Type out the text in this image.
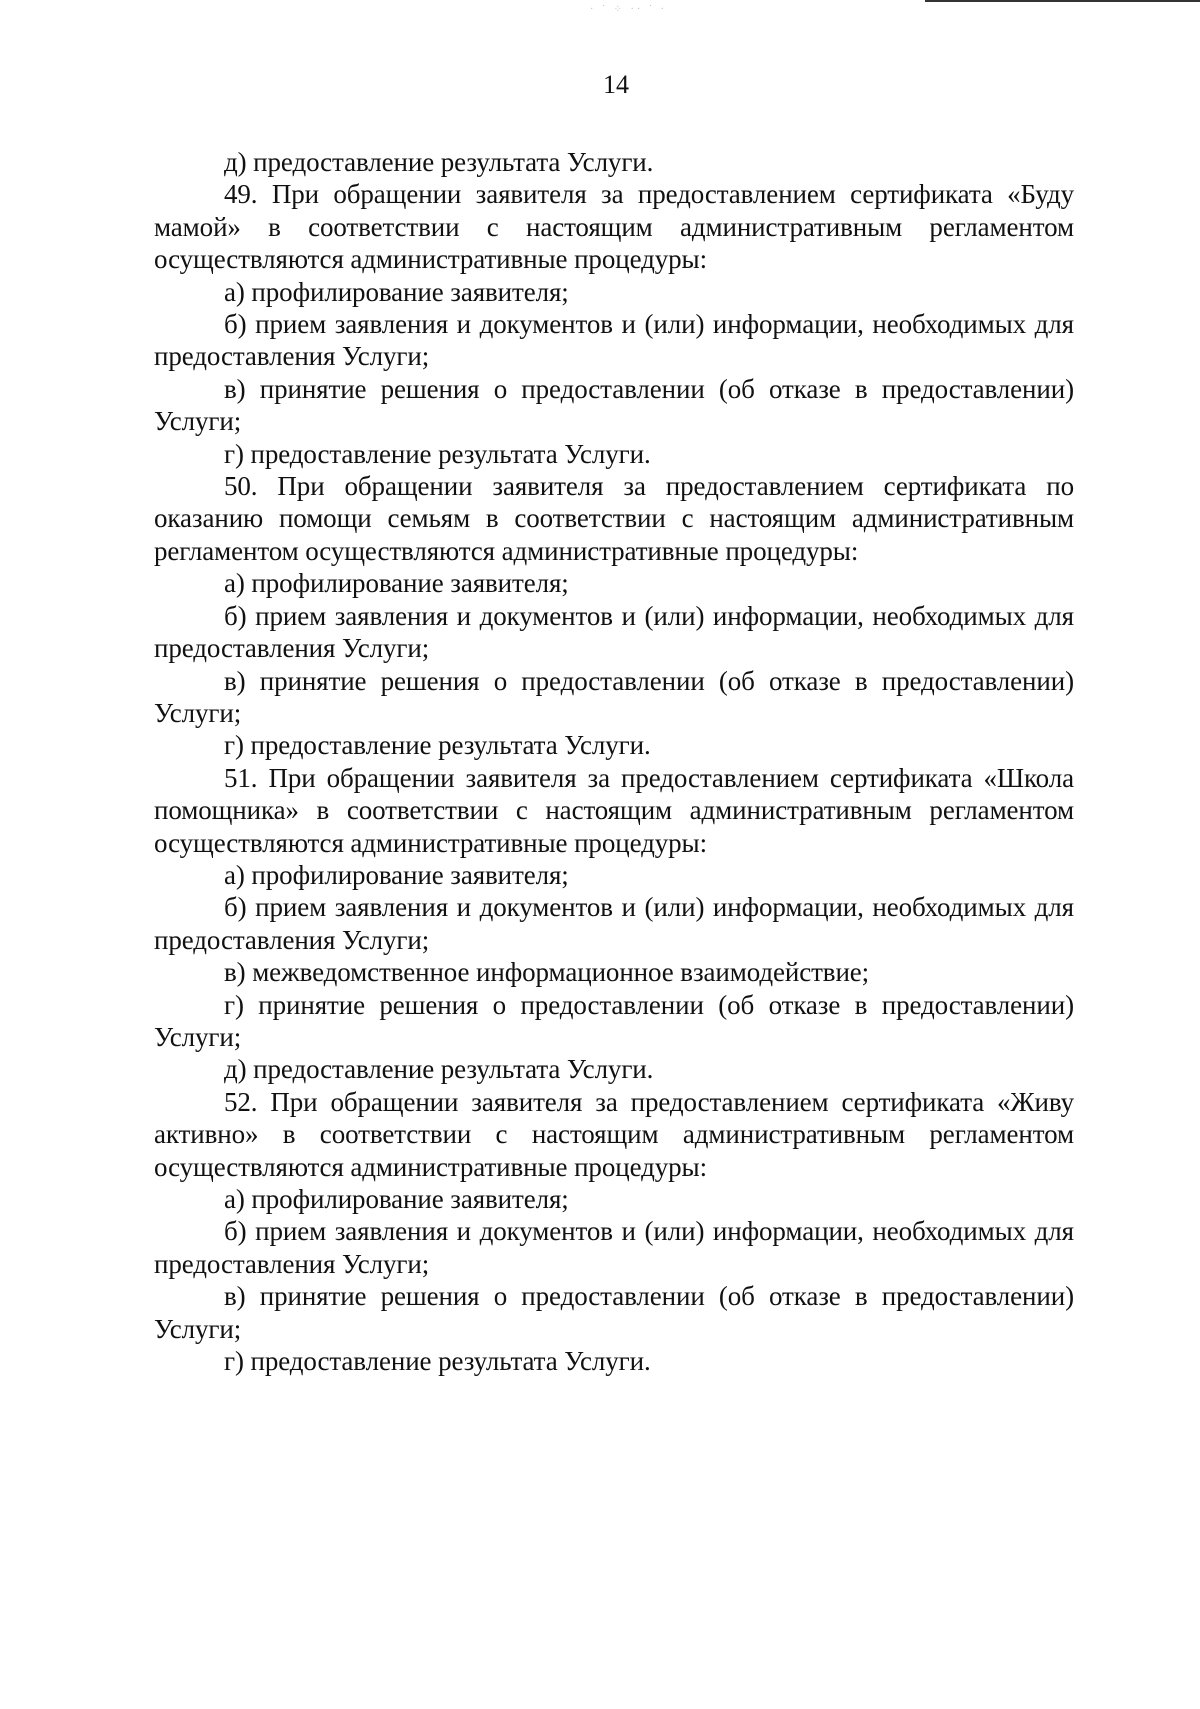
· ˙ ⁘ ·· ˙ ·
14

д) предоставление результата Услуги.

49. При обращении заявителя за предоставлением сертификата «Буду мамой» в соответствии с настоящим административным регламентом осуществляются административные процедуры:

а) профилирование заявителя;

б) прием заявления и документов и (или) информации, необходимых для предоставления Услуги;

в) принятие решения о предоставлении (об отказе в предоставлении) Услуги;

г) предоставление результата Услуги.

50. При обращении заявителя за предоставлением сертификата по оказанию помощи семьям в соответствии с настоящим административным регламентом осуществляются административные процедуры:

а) профилирование заявителя;

б) прием заявления и документов и (или) информации, необходимых для предоставления Услуги;

в) принятие решения о предоставлении (об отказе в предоставлении) Услуги;

г) предоставление результата Услуги.

51. При обращении заявителя за предоставлением сертификата «Школа помощника» в соответствии с настоящим административным регламентом осуществляются административные процедуры:

а) профилирование заявителя;

б) прием заявления и документов и (или) информации, необходимых для предоставления Услуги;

в) межведомственное информационное взаимодействие;

г) принятие решения о предоставлении (об отказе в предоставлении) Услуги;

д) предоставление результата Услуги.

52. При обращении заявителя за предоставлением сертификата «Живу активно» в соответствии с настоящим административным регламентом осуществляются административные процедуры:

а) профилирование заявителя;

б) прием заявления и документов и (или) информации, необходимых для предоставления Услуги;

в) принятие решения о предоставлении (об отказе в предоставлении) Услуги;

г) предоставление результата Услуги.
